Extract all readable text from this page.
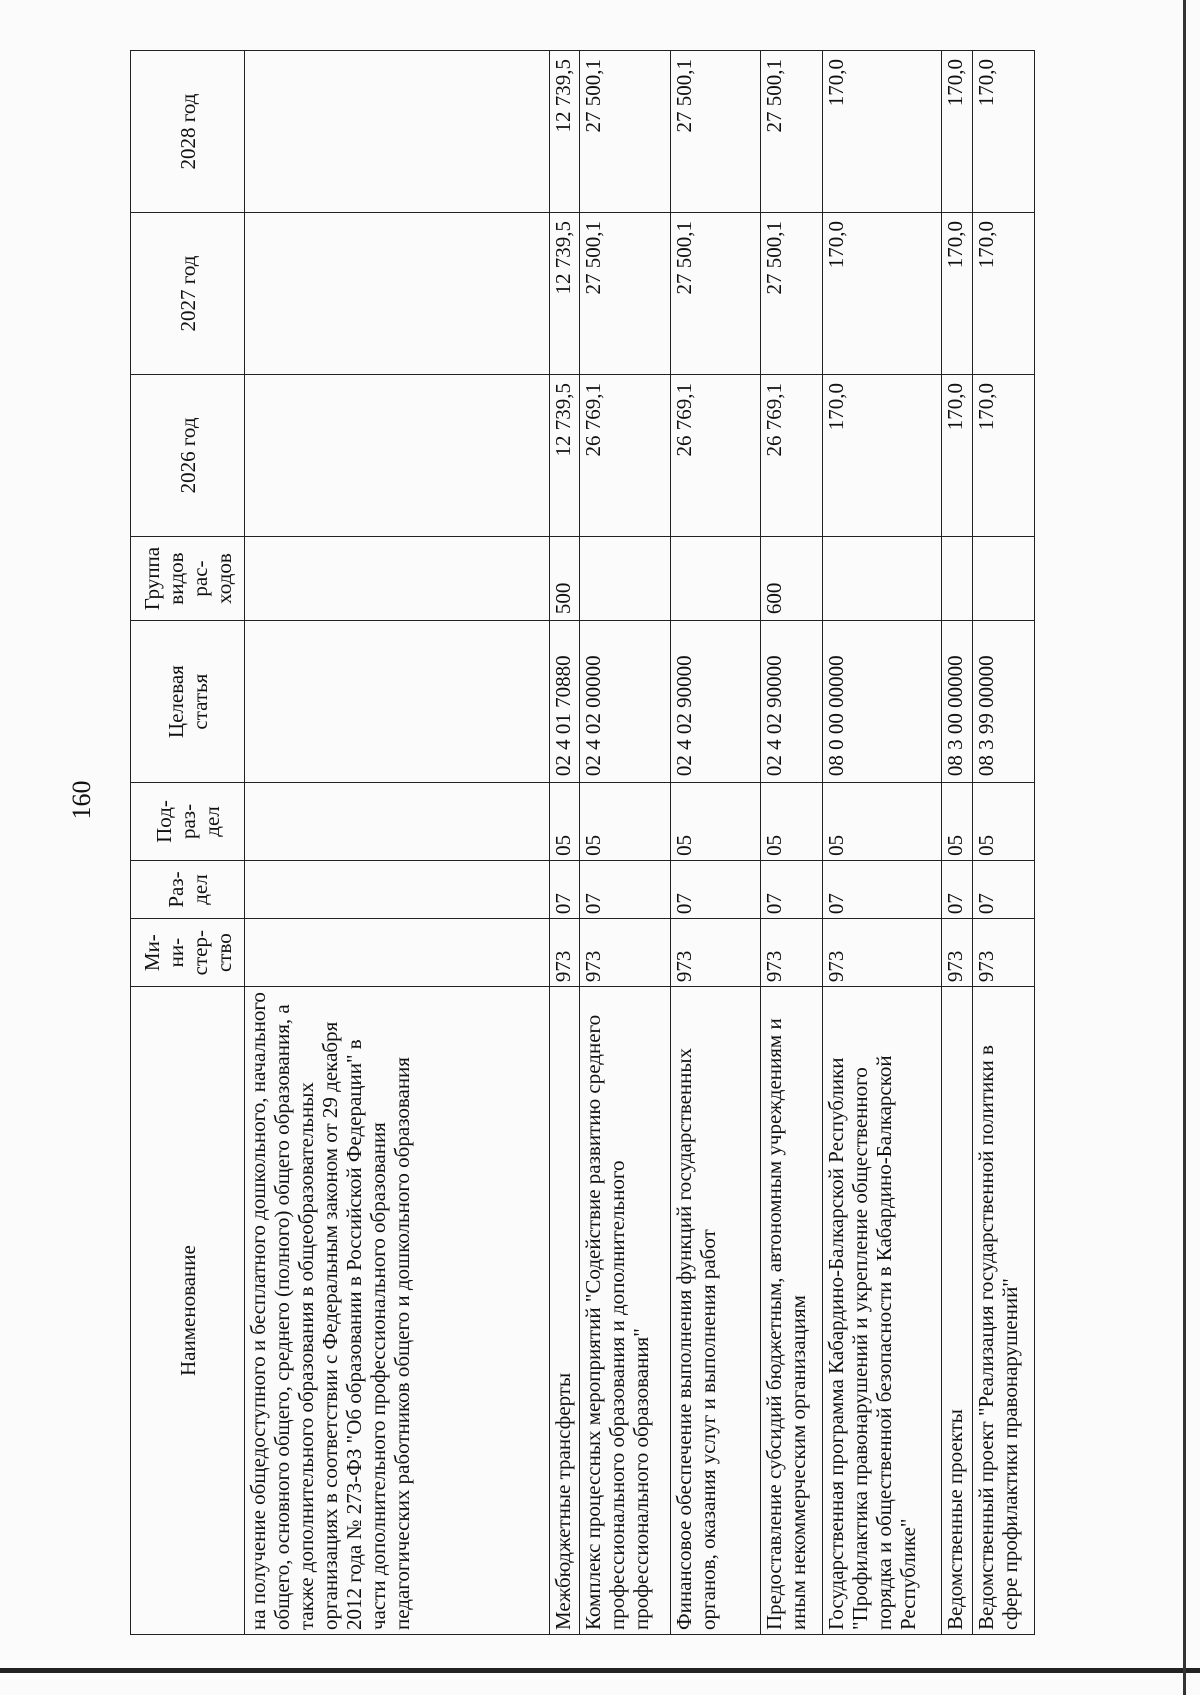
160
Наименование	Ми-
ни-
стер-
ство	Раз-
дел	Под-
раз-
дел	Целевая
статья	Группа
видов
рас-
ходов	2026 год	2027 год	2028 год
на получение общедоступного и бесплатного дошкольного, начального общего, основного общего, среднего (полного) общего образования, а также дополнительного образования в общеобразовательных организациях в соответствии с Федеральным законом от 29 декабря 2012 года № 273-ФЗ "Об образовании в Российской Федерации" в части дополнительного профессионального образования педагогических работников общего и дошкольного образования								
Межбюджетные трансферты	973	07	05	02 4 01 70880	500	12 739,5	12 739,5	12 739,5
Комплекс процессных мероприятий "Содействие развитию среднего профессионального образования и дополнительного профессионального образования"	973	07	05	02 4 02 00000		26 769,1	27 500,1	27 500,1
Финансовое обеспечение выполнения функций государственных органов, оказания услуг и выполнения работ	973	07	05	02 4 02 90000		26 769,1	27 500,1	27 500,1
Предоставление субсидий бюджетным, автономным учреждениям и иным некоммерческим организациям	973	07	05	02 4 02 90000	600	26 769,1	27 500,1	27 500,1
Государственная программа Кабардино-Балкарской Республики "Профилактика правонарушений и укрепление общественного порядка и общественной безопасности в Кабардино-Балкарской Республике"	973	07	05	08 0 00 00000		170,0	170,0	170,0
Ведомственные проекты	973	07	05	08 3 00 00000		170,0	170,0	170,0
Ведомственный проект "Реализация государственной политики в сфере профилактики правонарушений"	973	07	05	08 3 99 00000		170,0	170,0	170,0
